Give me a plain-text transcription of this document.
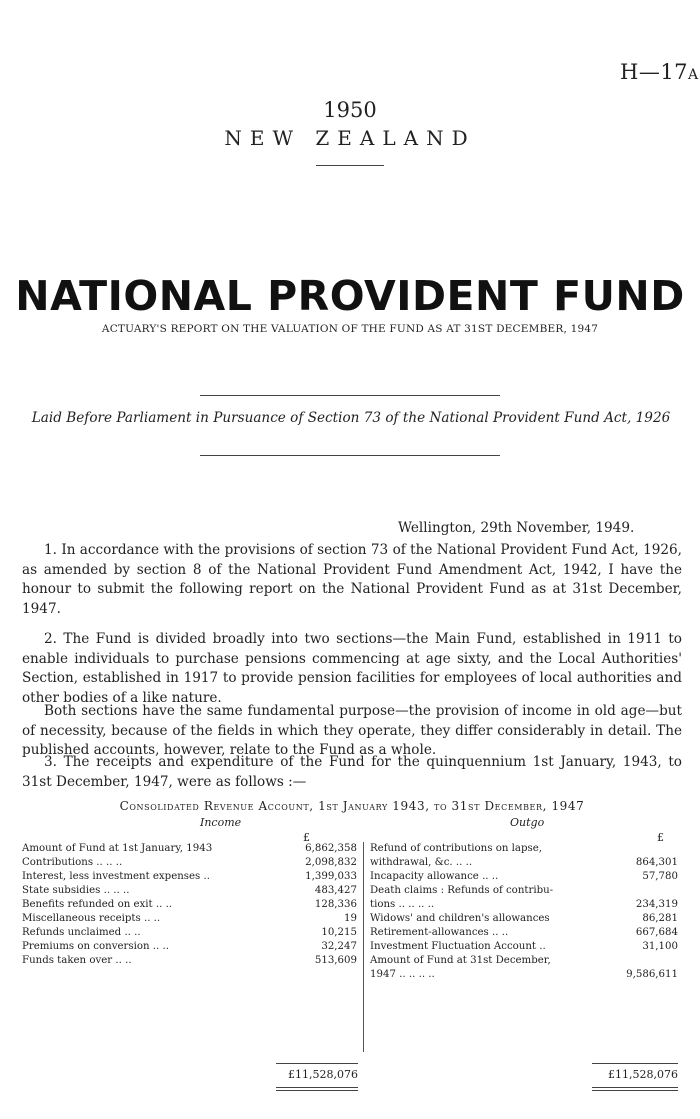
H—17A
1950
NEW ZEALAND
NATIONAL PROVIDENT FUND
ACTUARY'S REPORT ON THE VALUATION OF THE FUND AS AT 31ST DECEMBER, 1947
Laid Before Parliament in Pursuance of Section 73 of the National Provident Fund Act, 1926
Wellington, 29th November, 1949.
1. In accordance with the provisions of section 73 of the National Provident Fund Act, 1926, as amended by section 8 of the National Provident Fund Amendment Act, 1942, I have the honour to submit the following report on the National Provident Fund as at 31st December, 1947.
2. The Fund is divided broadly into two sections—the Main Fund, established in 1911 to enable individuals to purchase pensions commencing at age sixty, and the Local Authorities' Section, established in 1917 to provide pension facilities for employees of local authorities and other bodies of a like nature.
Both sections have the same fundamental purpose—the provision of income in old age—but of necessity, because of the fields in which they operate, they differ considerably in detail. The published accounts, however, relate to the Fund as a whole.
3. The receipts and expenditure of the Fund for the quinquennium 1st January, 1943, to 31st December, 1947, were as follows :—
Consolidated Revenue Account, 1st January 1943, to 31st December, 1947
Income	Outgo
£	£
Amount of Fund at 1st January, 1943	6,862,358
Contributions .. .. ..	2,098,832
Interest, less investment expenses ..	1,399,033
State subsidies .. .. ..	483,427
Benefits refunded on exit .. ..	128,336
Miscellaneous receipts .. ..	19
Refunds unclaimed .. ..	10,215
Premiums on conversion .. ..	32,247
Funds taken over .. ..	513,609
Refund of contributions on lapse,
withdrawal, &c. .. ..	864,301
Incapacity allowance .. ..	57,780
Death claims : Refunds of contribu-
tions .. .. .. ..	234,319
Widows' and children's allowances	86,281
Retirement-allowances .. ..	667,684
Investment Fluctuation Account ..	31,100
Amount of Fund at 31st December,
1947 .. .. .. ..	9,586,611
£11,528,076	£11,528,076
